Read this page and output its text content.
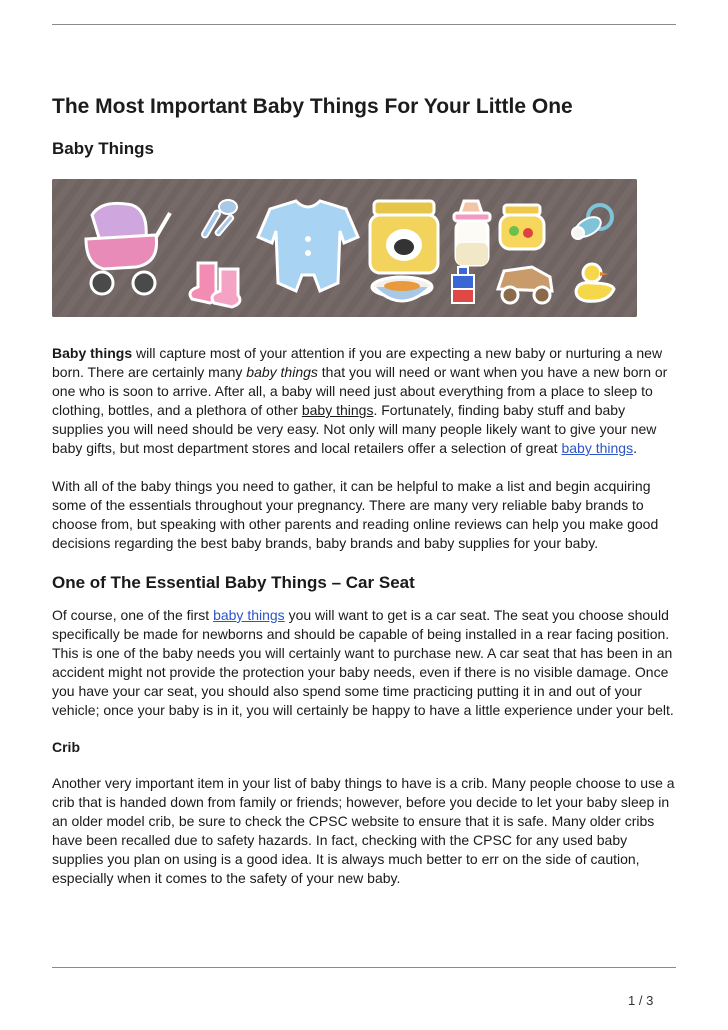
The Most Important Baby Things For Your Little One
Baby Things

Baby things will capture most of your attention if you are expecting a new baby or nurturing a new born. There are certainly many baby things that you will need or want when you have a new born or one who is soon to arrive. After all, a baby will need just about everything from a place to sleep to clothing, bottles, and a plethora of other baby things. Fortunately, finding baby stuff and baby supplies you will need should be very easy. Not only will many people likely want to give your new baby gifts, but most department stores and local retailers offer a selection of great baby things.

With all of the baby things you need to gather, it can be helpful to make a list and begin acquiring some of the essentials throughout your pregnancy. There are many very reliable baby brands to choose from, but speaking with other parents and reading online reviews can help you make good decisions regarding the best baby brands, baby brands and baby supplies for your baby.

One of The Essential Baby Things – Car Seat

Of course, one of the first baby things you will want to get is a car seat. The seat you choose should specifically be made for newborns and should be capable of being installed in a rear facing position. This is one of the baby needs you will certainly want to purchase new. A car seat that has been in an accident might not provide the protection your baby needs, even if there is no visible damage. Once you have your car seat, you should also spend some time practicing putting it in and out of your vehicle; once your baby is in it, you will certainly be happy to have a little experience under your belt.

Crib

Another very important item in your list of baby things to have is a crib. Many people choose to use a crib that is handed down from family or friends; however, before you decide to let your baby sleep in an older model crib, be sure to check the CPSC website to ensure that it is safe. Many older cribs have been recalled due to safety hazards. In fact, checking with the CPSC for any used baby supplies you plan on using is a good idea. It is always much better to err on the side of caution, especially when it comes to the safety of your new baby.

1 / 3
